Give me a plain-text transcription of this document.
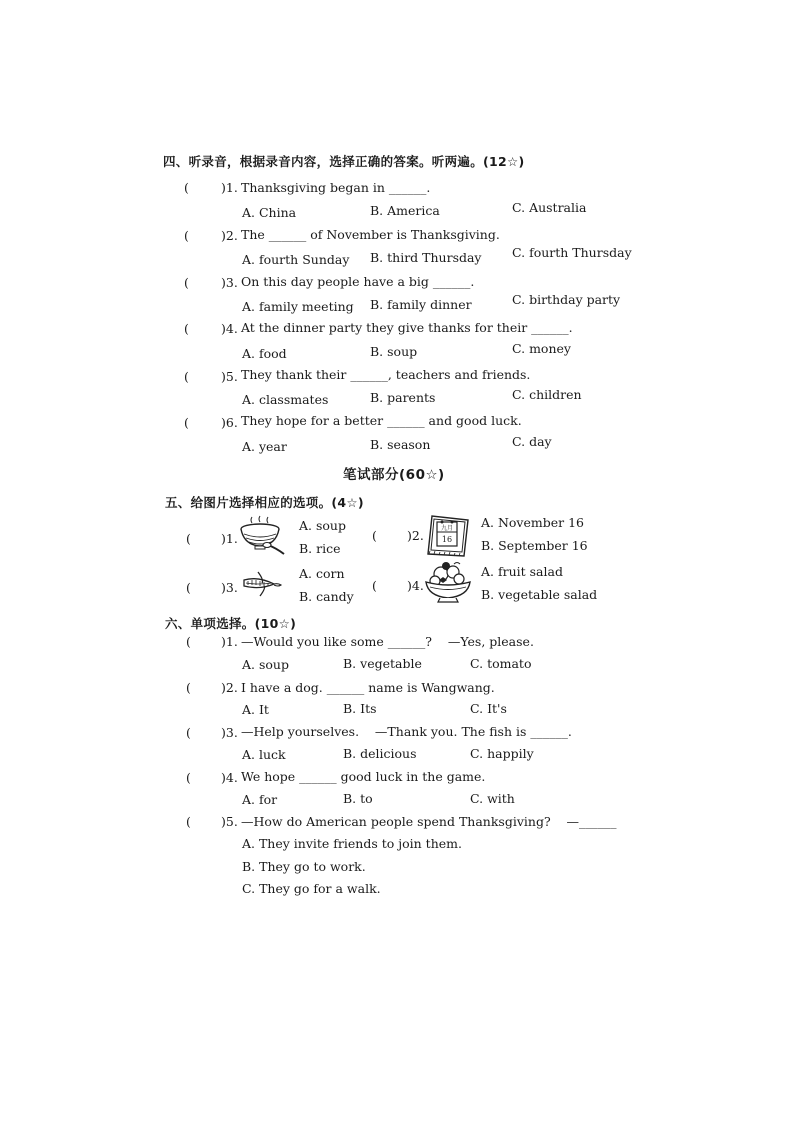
四、听录音，根据录音内容，选择正确的答案。听两遍。(12☆)
(	)1. Thanksgiving began in ______.
A. China	B. America	C. Australia
(	)2. The ______ of November is Thanksgiving.
A. fourth Sunday B. third Thursday C. fourth Thursday
(	)3. On this day people have a big ______.
A. family meeting B. family dinner	C. birthday party
(	)4. At the dinner party they give thanks for their ______.
A. food	B. soup	C. money
(	)5. They thank their ______, teachers and friends.
A. classmates	B. parents	C. children
(	)6. They hope for a better ______ and good luck.
A. year	B. season	C. day
笔试部分(60☆)
五、给图片选择相应的选项。(4☆)
( )1.
A. soup
B. rice
( )2.	九月
16
A. November 16
B. September 16
( )3.
A. corn
B. candy
( )4.
A. fruit salad
B. vegetable salad
六、单项选择。(10☆)
( )1. —Would you like some ______?    —Yes, please.
A. soup	B. vegetable	C. tomato
( )2. I have a dog. ______ name is Wangwang.
A. It	B. Its	C. It's
( )3. —Help yourselves.    —Thank you. The fish is ______.
A. luck	B. delicious	C. happily
( )4. We hope ______ good luck in the game.
A. for	B. to	C. with
( )5. —How do American people spend Thanksgiving?    —______
A. They invite friends to join them.
B. They go to work.
C. They go for a walk.
